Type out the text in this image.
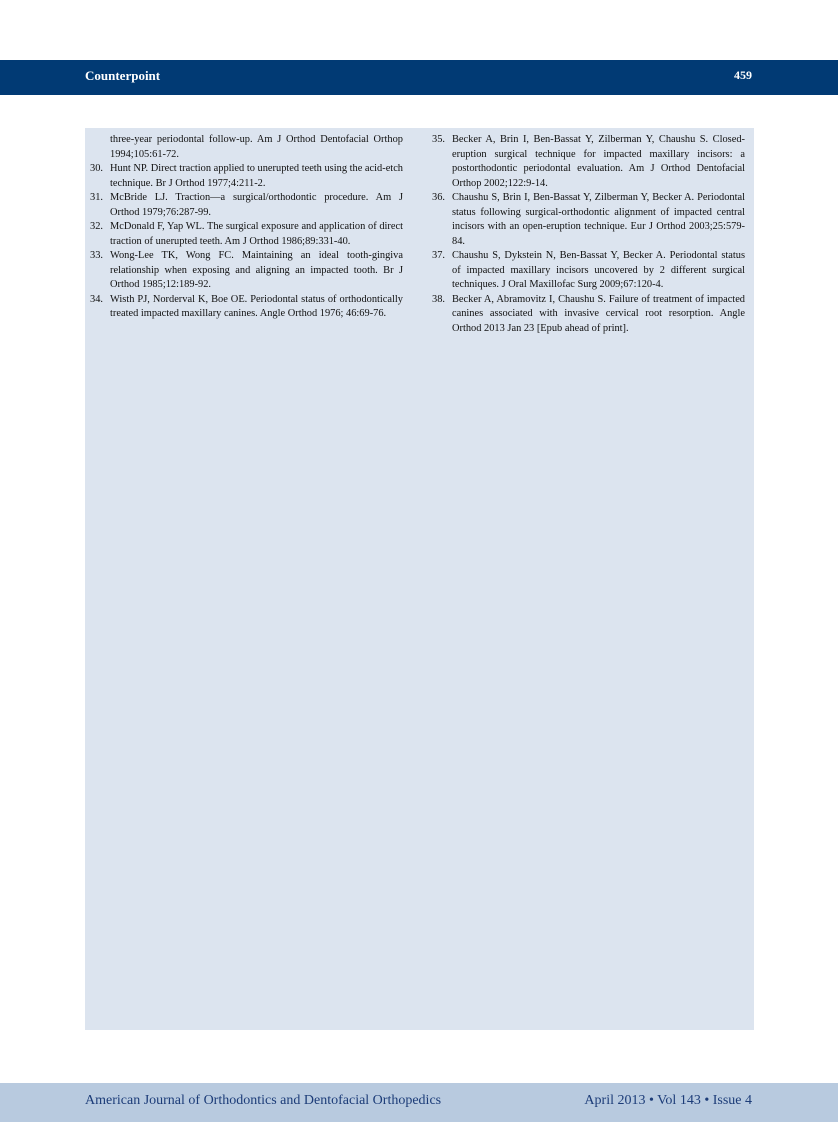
Counterpoint	459
three-year periodontal follow-up. Am J Orthod Dentofacial Orthop 1994;105:61-72.
30. Hunt NP. Direct traction applied to unerupted teeth using the acid-etch technique. Br J Orthod 1977;4:211-2.
31. McBride LJ. Traction—a surgical/orthodontic procedure. Am J Orthod 1979;76:287-99.
32. McDonald F, Yap WL. The surgical exposure and application of direct traction of unerupted teeth. Am J Orthod 1986;89:331-40.
33. Wong-Lee TK, Wong FC. Maintaining an ideal tooth-gingiva relationship when exposing and aligning an impacted tooth. Br J Orthod 1985;12:189-92.
34. Wisth PJ, Norderval K, Boe OE. Periodontal status of orthodontically treated impacted maxillary canines. Angle Orthod 1976; 46:69-76.
35. Becker A, Brin I, Ben-Bassat Y, Zilberman Y, Chaushu S. Closed-eruption surgical technique for impacted maxillary incisors: a postorthodontic periodontal evaluation. Am J Orthod Dentofacial Orthop 2002;122:9-14.
36. Chaushu S, Brin I, Ben-Bassat Y, Zilberman Y, Becker A. Periodontal status following surgical-orthodontic alignment of impacted central incisors with an open-eruption technique. Eur J Orthod 2003;25:579-84.
37. Chaushu S, Dykstein N, Ben-Bassat Y, Becker A. Periodontal status of impacted maxillary incisors uncovered by 2 different surgical techniques. J Oral Maxillofac Surg 2009;67:120-4.
38. Becker A, Abramovitz I, Chaushu S. Failure of treatment of impacted canines associated with invasive cervical root resorption. Angle Orthod 2013 Jan 23 [Epub ahead of print].
American Journal of Orthodontics and Dentofacial Orthopedics	April 2013 • Vol 143 • Issue 4
